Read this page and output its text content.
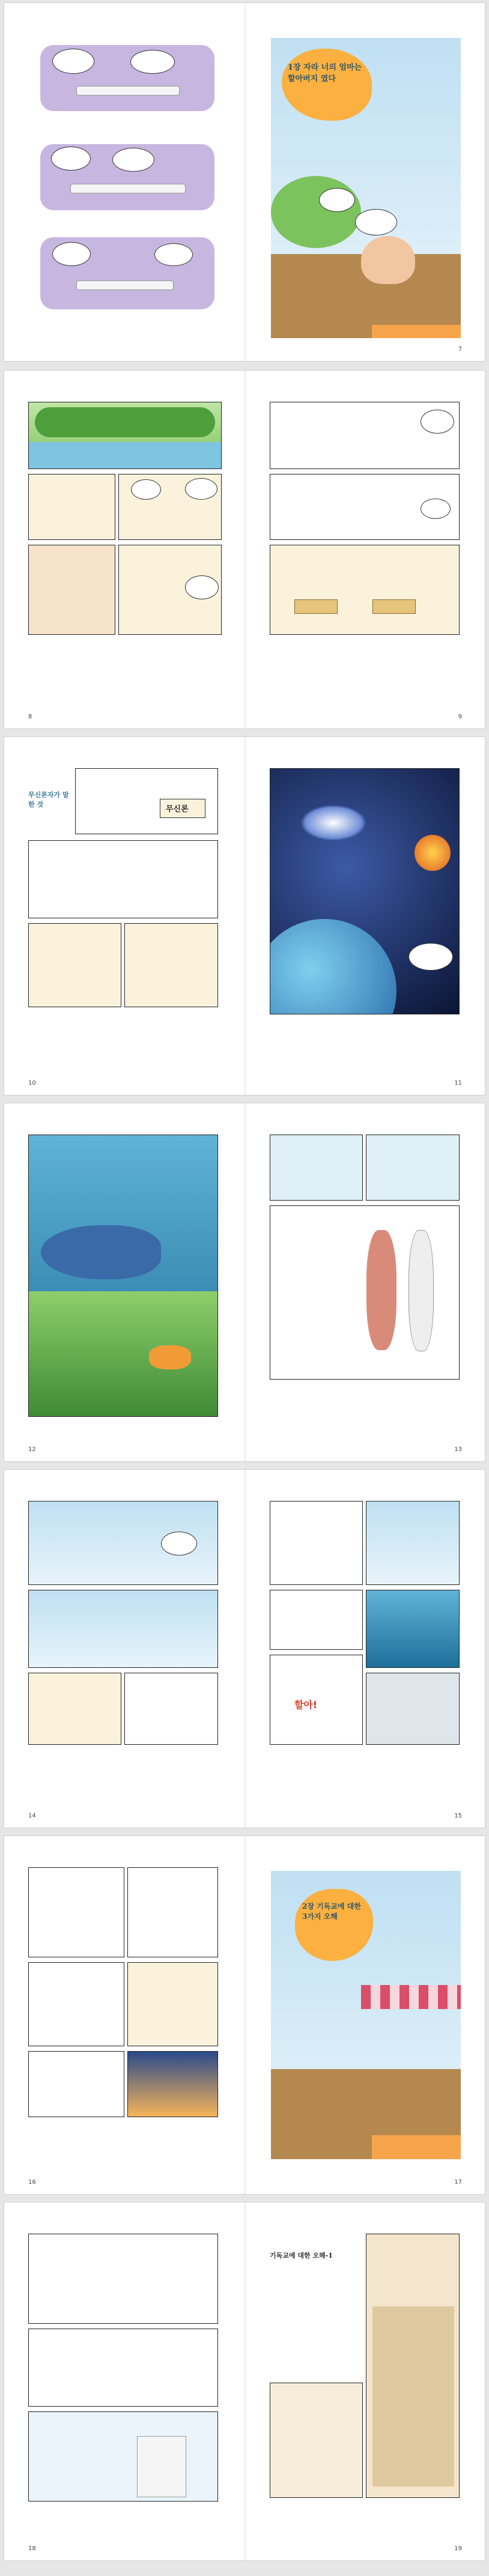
1장 자라 너의 엄마는 할아버지 였다
7
8	9
무신론자가 말한 것
무신론
10	11
12	13
14
할아!
15
16
2장 기독교에 대한 3가지 오해
17
18
기독교에 대한 오해-1
19
